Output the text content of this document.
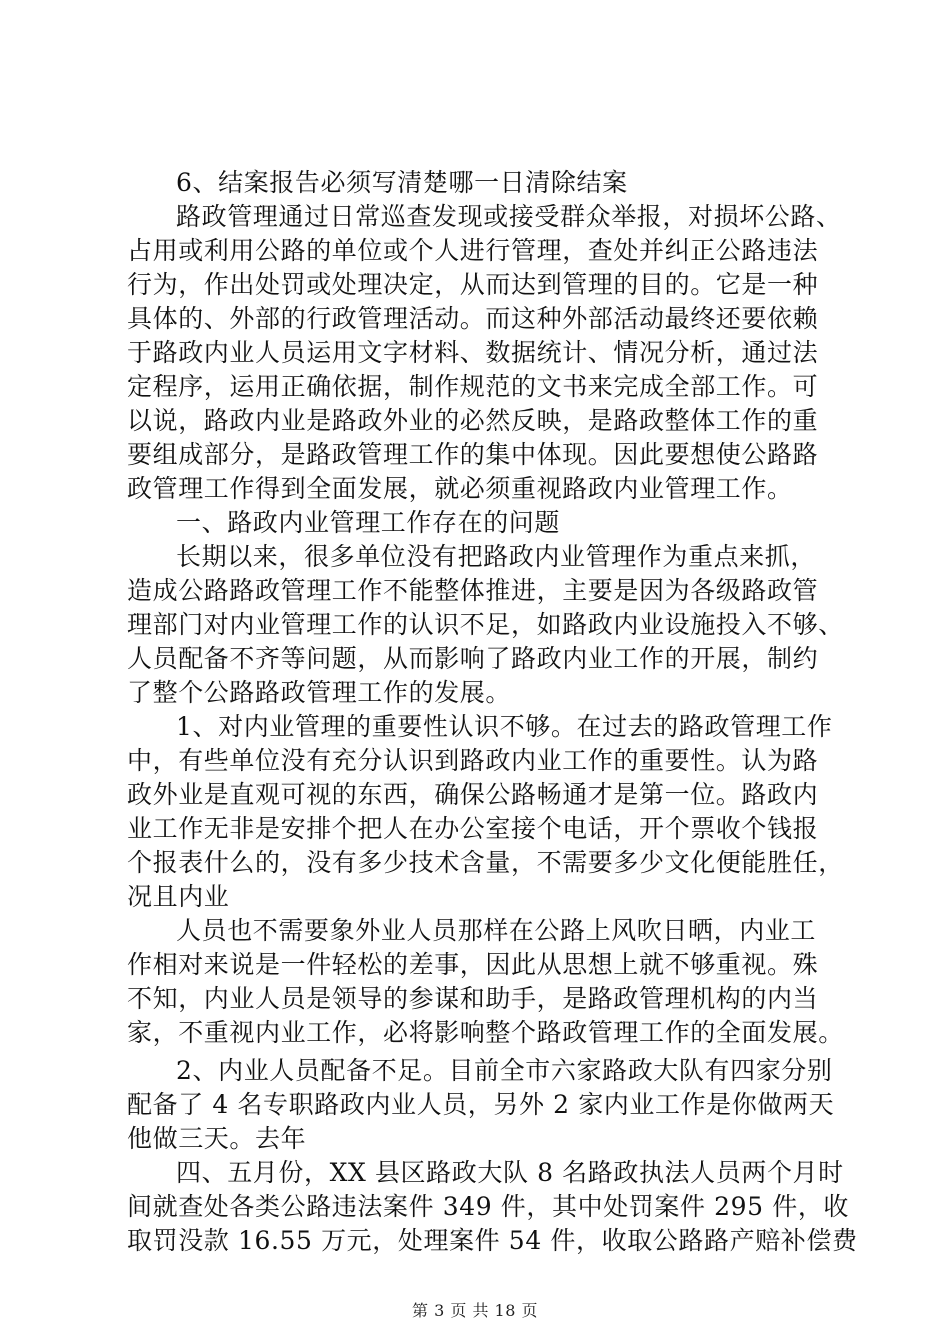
6、结案报告必须写清楚哪一日清除结案
路政管理通过日常巡查发现或接受群众举报，对损坏公路、
占用或利用公路的单位或个人进行管理，查处并纠正公路违法
行为，作出处罚或处理决定，从而达到管理的目的。它是一种
具体的、外部的行政管理活动。而这种外部活动最终还要依赖
于路政内业人员运用文字材料、数据统计、情况分析，通过法
定程序，运用正确依据，制作规范的文书来完成全部工作。可
以说，路政内业是路政外业的必然反映，是路政整体工作的重
要组成部分，是路政管理工作的集中体现。因此要想使公路路
政管理工作得到全面发展，就必须重视路政内业管理工作。
一、路政内业管理工作存在的问题
长期以来，很多单位没有把路政内业管理作为重点来抓，
造成公路路政管理工作不能整体推进，主要是因为各级路政管
理部门对内业管理工作的认识不足，如路政内业设施投入不够、
人员配备不齐等问题，从而影响了路政内业工作的开展，制约
了整个公路路政管理工作的发展。
1、对内业管理的重要性认识不够。在过去的路政管理工作
中，有些单位没有充分认识到路政内业工作的重要性。认为路
政外业是直观可视的东西，确保公路畅通才是第一位。路政内
业工作无非是安排个把人在办公室接个电话，开个票收个钱报
个报表什么的，没有多少技术含量，不需要多少文化便能胜任，
况且内业
人员也不需要象外业人员那样在公路上风吹日晒，内业工
作相对来说是一件轻松的差事，因此从思想上就不够重视。殊
不知，内业人员是领导的参谋和助手，是路政管理机构的内当
家，不重视内业工作，必将影响整个路政管理工作的全面发展。
2、内业人员配备不足。目前全市六家路政大队有四家分别
配备了 4 名专职路政内业人员，另外 2 家内业工作是你做两天
他做三天。去年
四、五月份，XX 县区路政大队 8 名路政执法人员两个月时
间就查处各类公路违法案件 349 件，其中处罚案件 295 件，收
取罚没款 16.55 万元，处理案件 54 件，收取公路路产赔补偿费
第 3 页 共 18 页
